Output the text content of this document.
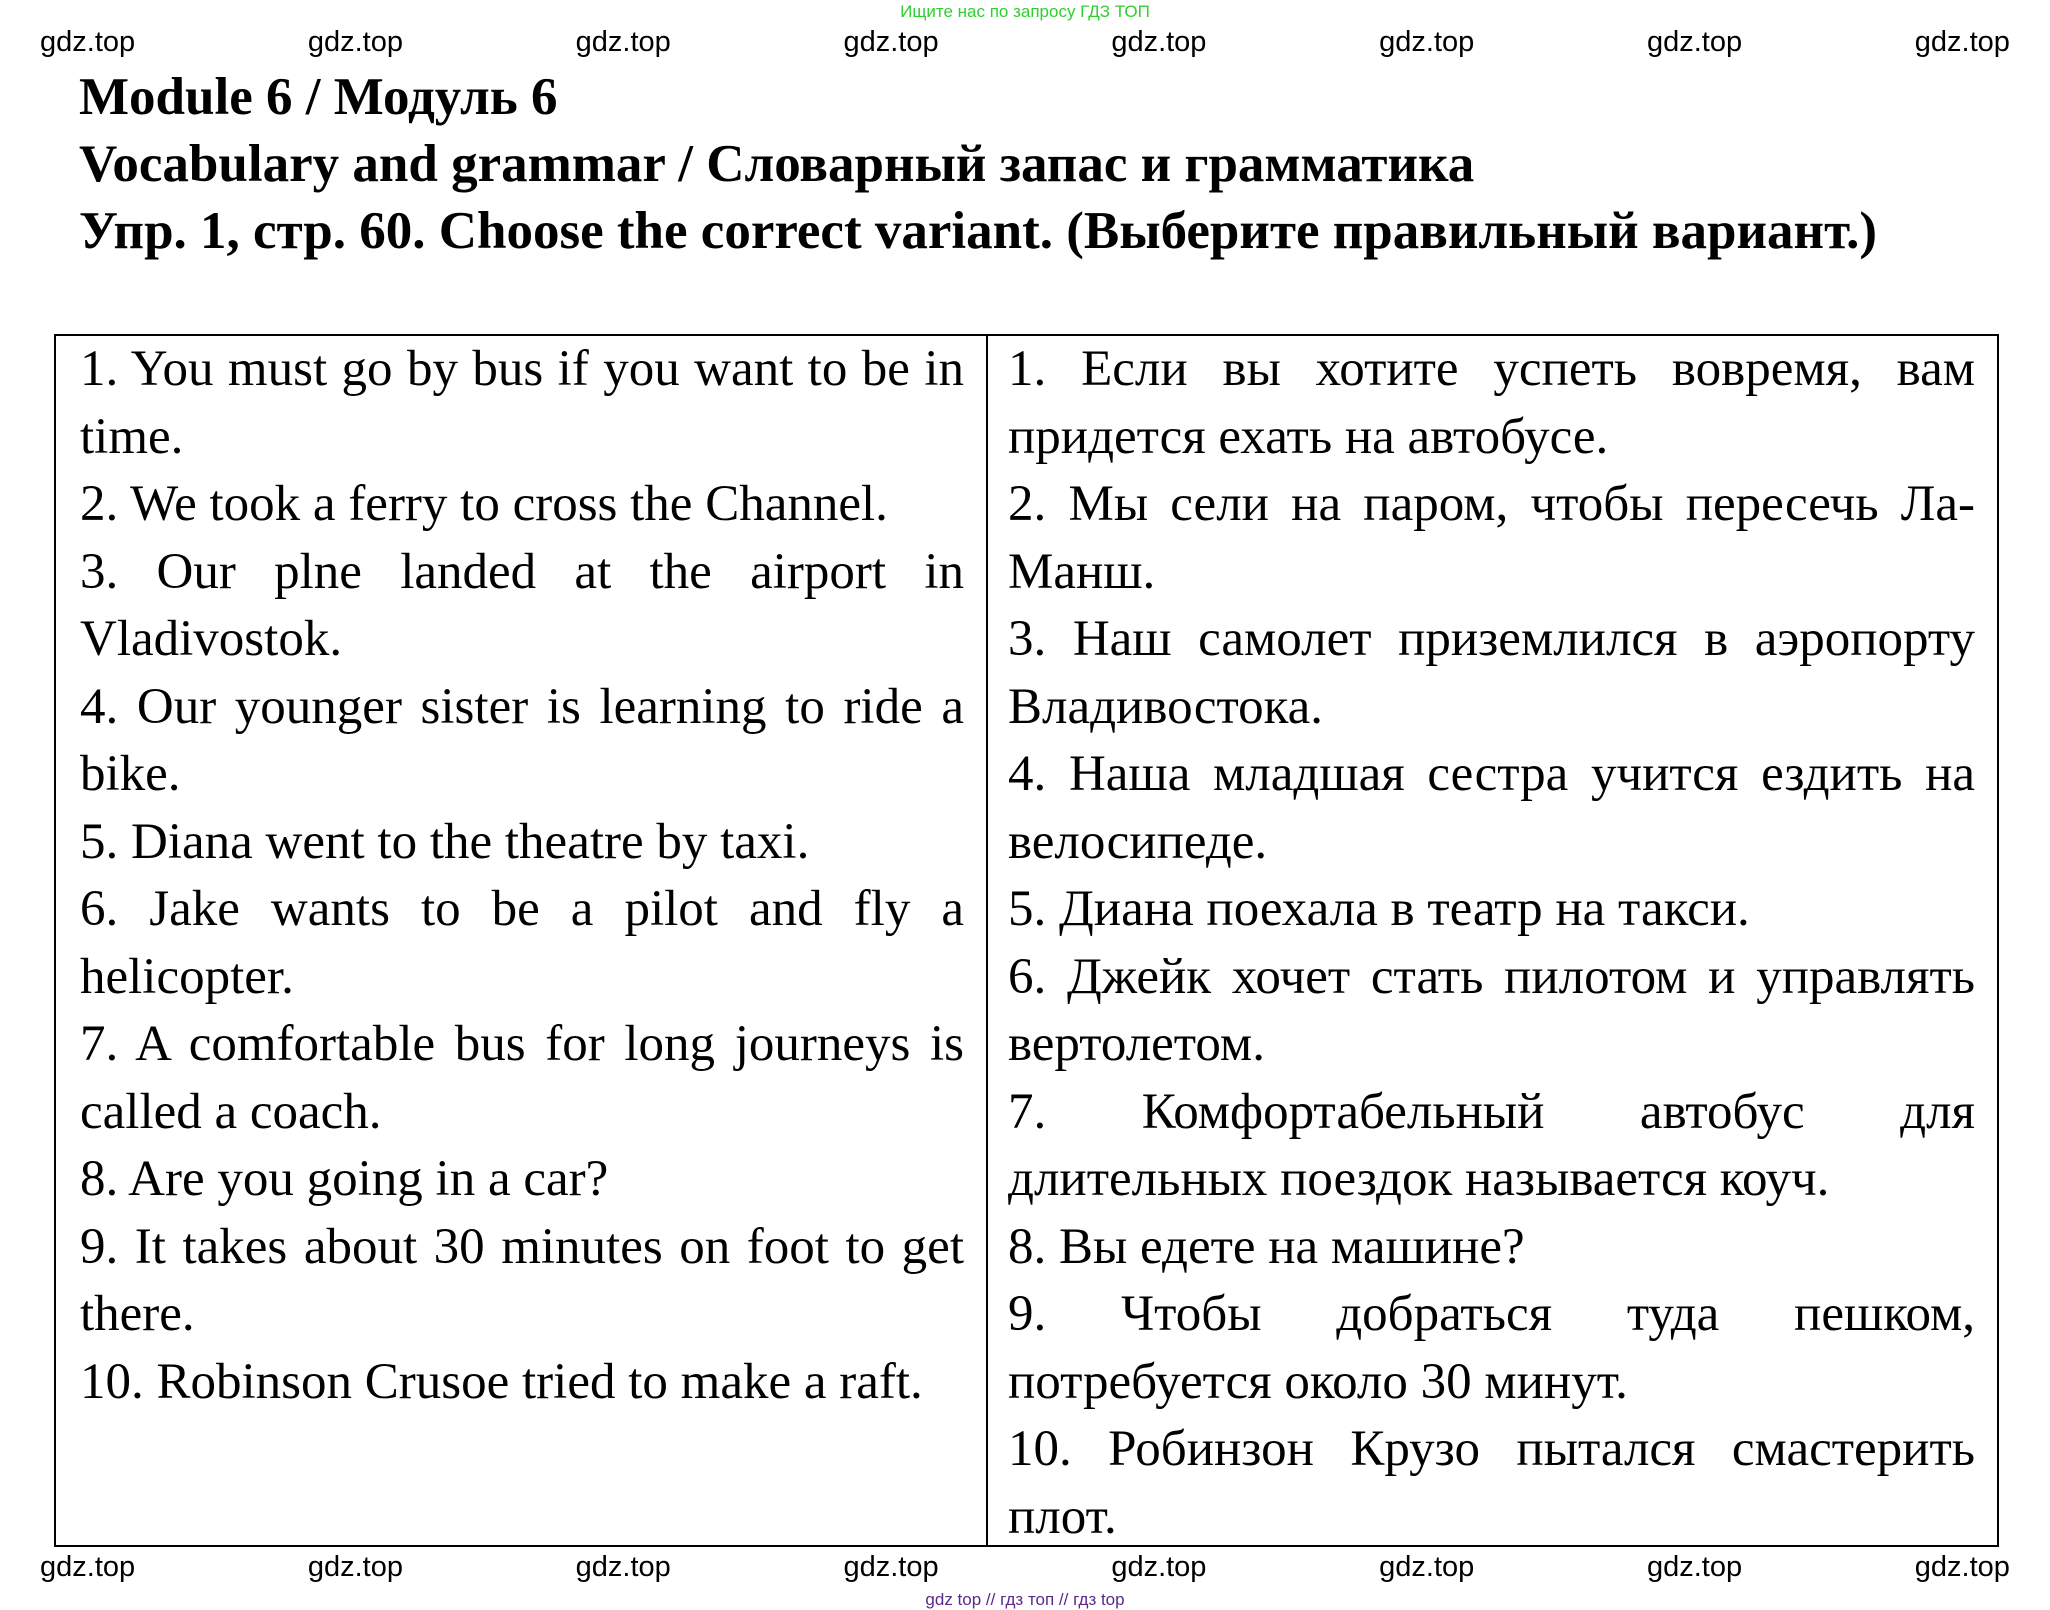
Ищите нас по запросу ГДЗ ТОП
gdz.top	gdz.top	gdz.top	gdz.top	gdz.top	gdz.top	gdz.top	gdz.top
Module 6 / Модуль 6
Vocabulary and grammar / Словарный запас и грамматика
Упр. 1, стр. 60. Choose the correct variant. (Выберите правильный вариант.)

1. You must go by bus if you want to be in time.

2. We took a ferry to cross the Channel.

3. Our plne landed at the airport in Vladivostok.

4. Our younger sister is learning to ride a bike.

5. Diana went to the theatre by taxi.

6. Jake wants to be a pilot and fly a helicopter.

7. A comfortable bus for long journeys is called a coach.

8. Are you going in a car?

9. It takes about 30 minutes on foot to get there.

10. Robinson Crusoe tried to make a raft.

1. Если вы хотите успеть вовремя, вам придется ехать на автобусе.

2. Мы сели на паром, чтобы пересечь Ла-Манш.

3. Наш самолет приземлился в аэропорту Владивостока.

4. Наша младшая сестра учится ездить на велосипеде.

5. Диана поехала в театр на такси.

6. Джейк хочет стать пилотом и управлять вертолетом.

7. Комфортабельный автобус для длительных поездок называется коуч.

8. Вы едете на машине?

9. Чтобы добраться туда пешком, потребуется около 30 минут.

10. Робинзон Крузо пытался смастерить плот.

gdz.top	gdz.top	gdz.top	gdz.top	gdz.top	gdz.top	gdz.top	gdz.top
gdz top // гдз топ // гдз top
